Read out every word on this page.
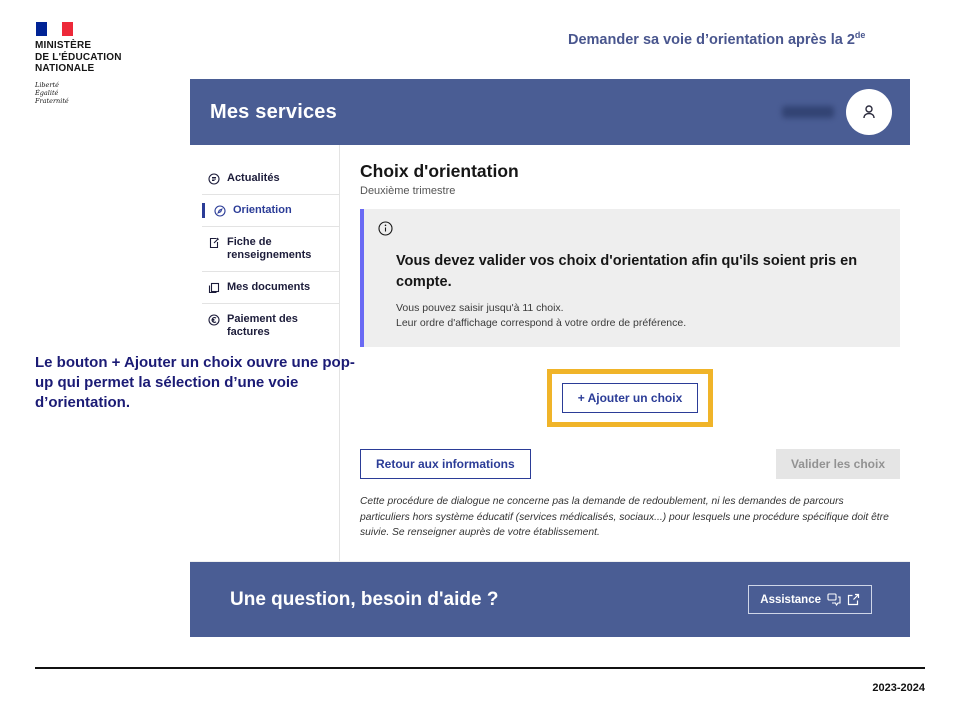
MINISTÈRE
DE L'ÉDUCATION
NATIONALE
Liberté
Égalité
Fraternité
Demander sa voie d’orientation après la 2de
Mes services
Actualités
Orientation
Fiche de renseignements
Mes documents
Paiement des factures
Choix d'orientation
Deuxième trimestre
Vous devez valider vos choix d'orientation afin qu'ils soient pris en compte.
Vous pouvez saisir jusqu'à 11 choix.
Leur ordre d'affichage correspond à votre ordre de préférence.
+ Ajouter un choix
Retour aux informations	Valider les choix

Cette procédure de dialogue ne concerne pas la demande de redoublement, ni les demandes de parcours particuliers hors système éducatif (services médicalisés, sociaux...) pour lesquels une procédure spécifique doit être suivie. Se renseigner auprès de votre établissement.

Une question, besoin d'aide ?	Assistance
Le bouton + Ajouter un choix ouvre une pop-up qui permet la sélection d’une voie d’orientation.
2023-2024
